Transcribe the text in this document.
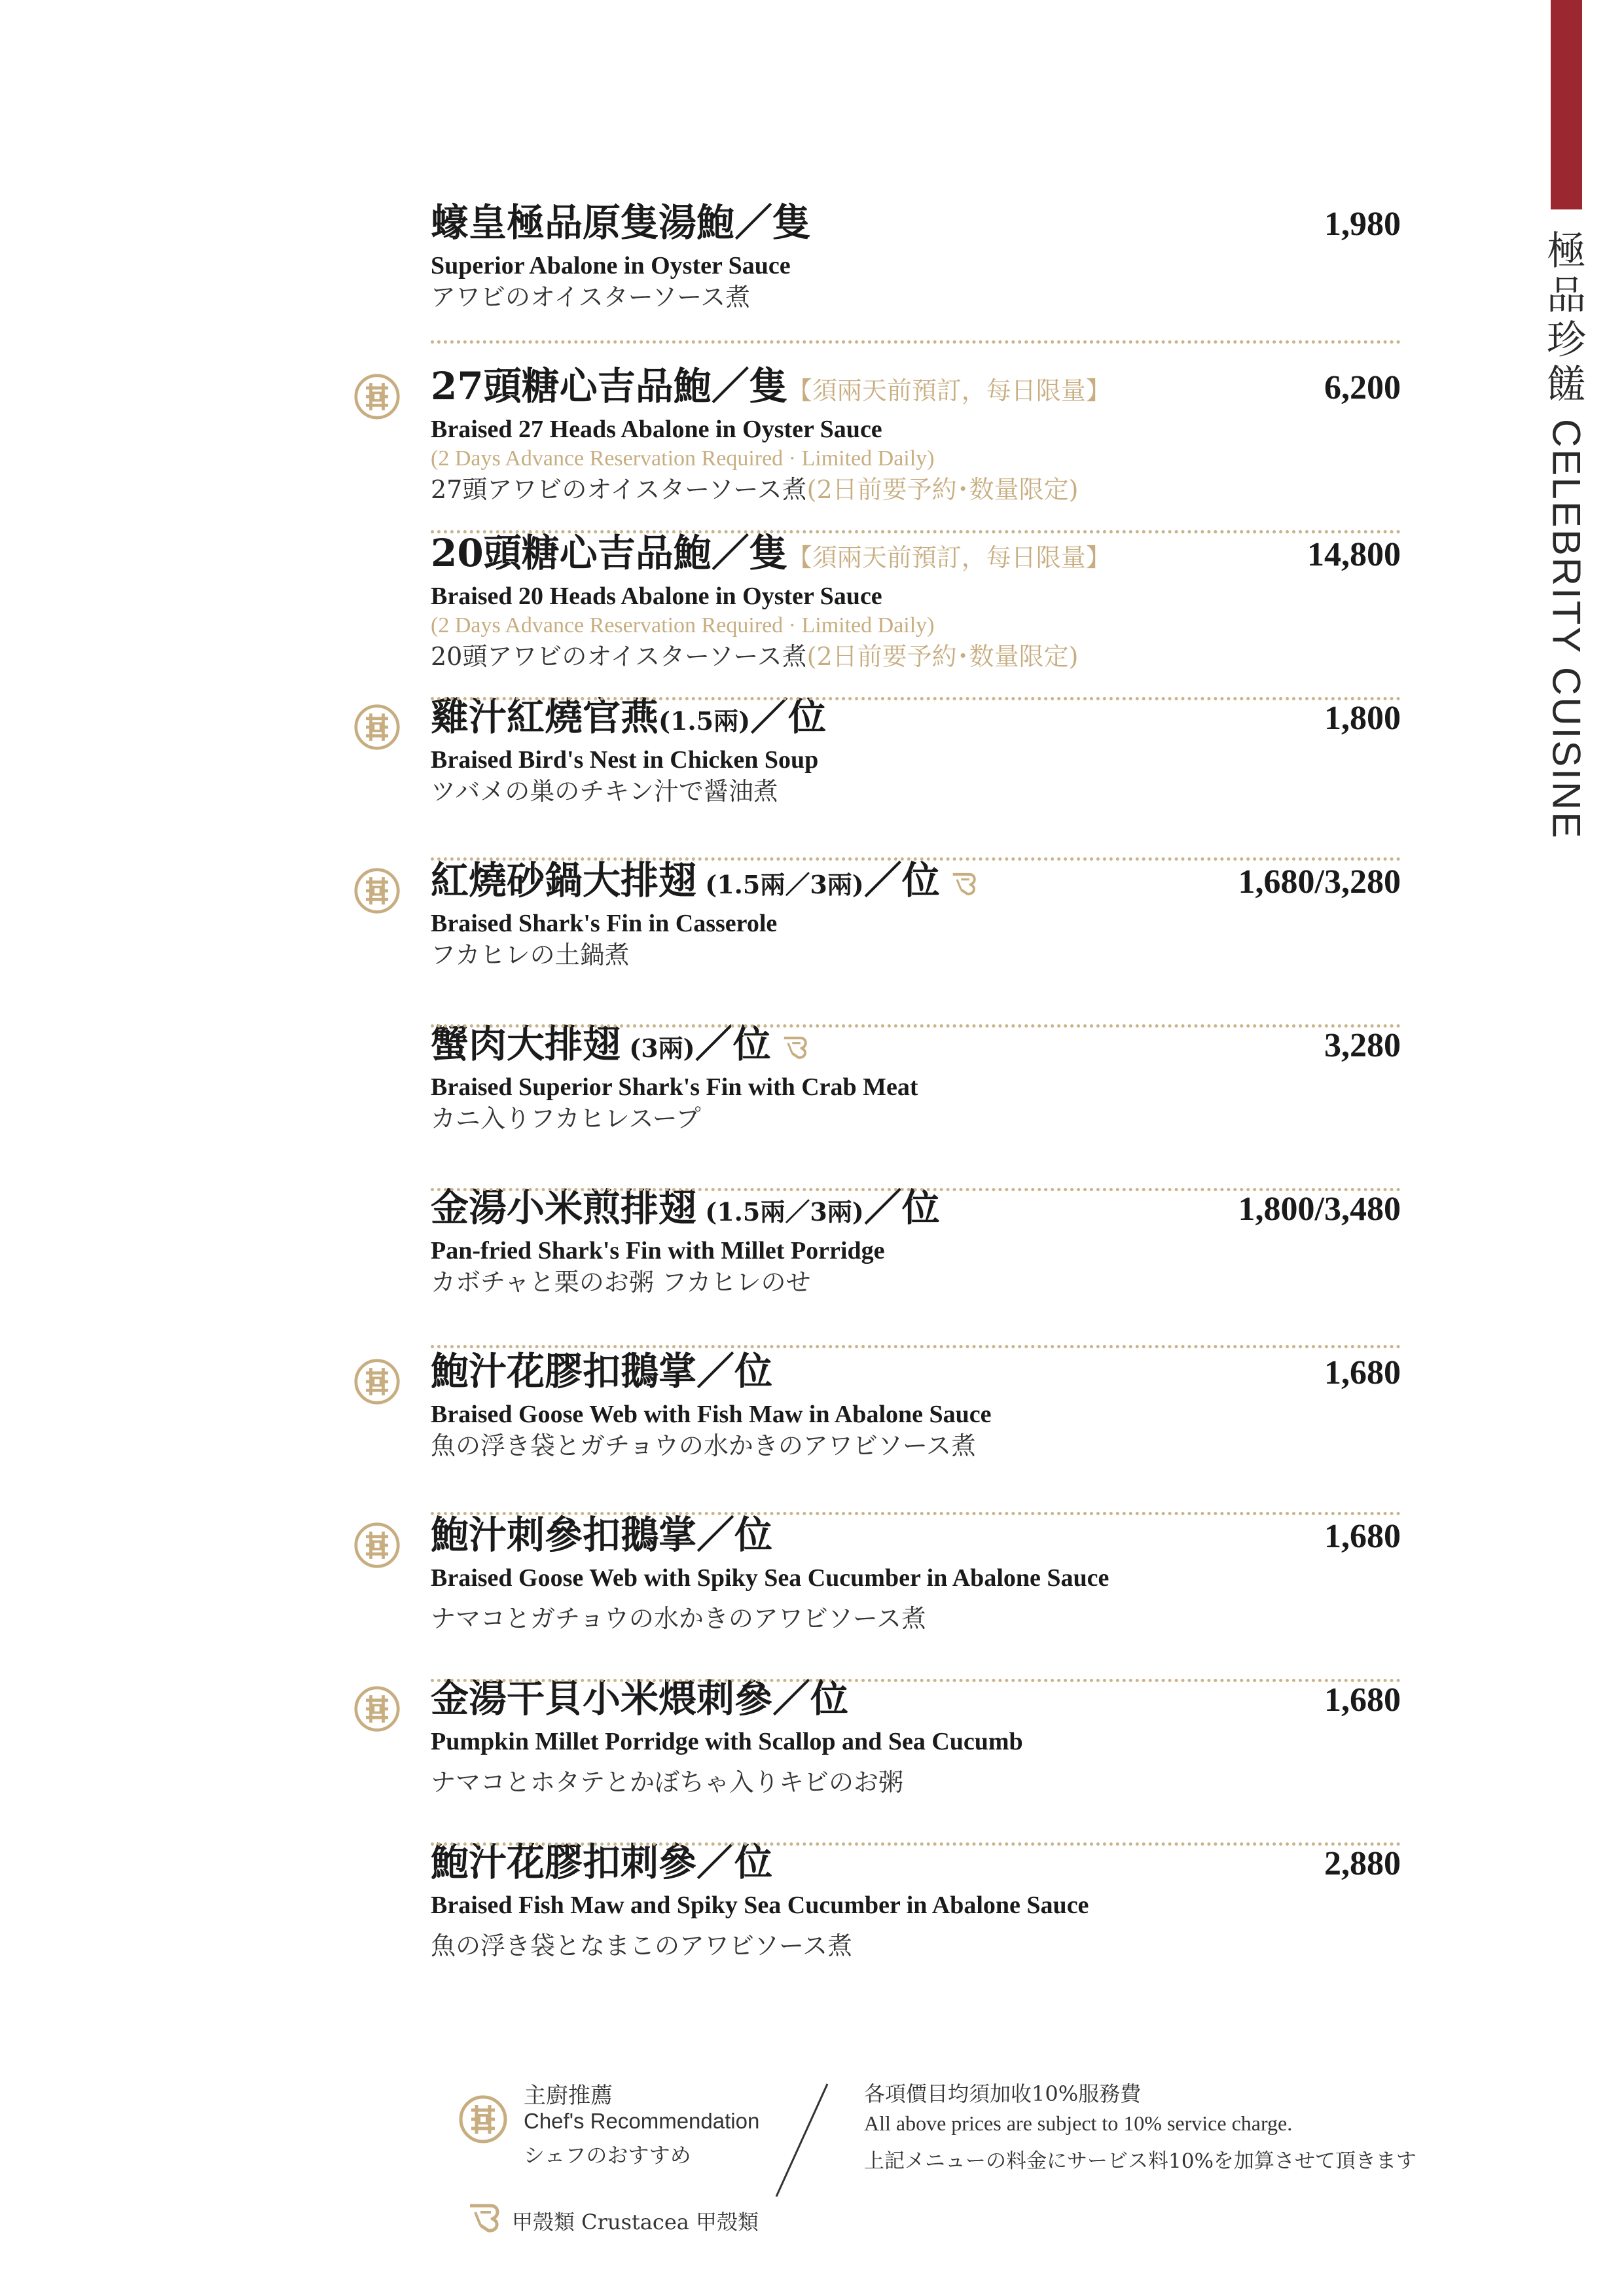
極
品
珍
饈
CELEBRITY CUISINE
蠔皇極品原隻湯鮑／隻	1,980
Superior Abalone in Oyster Sauce
アワビのオイスターソース煮
27頭糖心吉品鮑／隻【須兩天前預訂，每日限量】	6,200
Braised 27 Heads Abalone in Oyster Sauce
(2 Days Advance Reservation Required · Limited Daily)
27頭アワビのオイスターソース煮(2日前要予約･数量限定)
20頭糖心吉品鮑／隻【須兩天前預訂，每日限量】	14,800
Braised 20 Heads Abalone in Oyster Sauce
(2 Days Advance Reservation Required · Limited Daily)
20頭アワビのオイスターソース煮(2日前要予約･数量限定)
雞汁紅燒官燕(1.5兩)／位	1,800
Braised Bird's Nest in Chicken Soup
ツバメの巣のチキン汁で醤油煮
紅燒砂鍋大排翅 (1.5兩／3兩)／位	1,680/3,280
Braised Shark's Fin in Casserole
フカヒレの土鍋煮
蟹肉大排翅 (3兩)／位	3,280
Braised Superior Shark's Fin with Crab Meat
カニ入りフカヒレスープ
金湯小米煎排翅 (1.5兩／3兩)／位	1,800/3,480
Pan-fried Shark's Fin with Millet Porridge
カボチャと栗のお粥 フカヒレのせ
鮑汁花膠扣鵝掌／位	1,680
Braised Goose Web with Fish Maw in Abalone Sauce
魚の浮き袋とガチョウの水かきのアワビソース煮
鮑汁刺參扣鵝掌／位	1,680
Braised Goose Web with Spiky Sea Cucumber in Abalone Sauce
ナマコとガチョウの水かきのアワビソース煮
金湯干貝小米煨刺參／位	1,680
Pumpkin Millet Porridge with Scallop and Sea Cucumb
ナマコとホタテとかぼちゃ入りキビのお粥
鮑汁花膠扣刺參／位	2,880
Braised Fish Maw and Spiky Sea Cucumber in Abalone Sauce
魚の浮き袋となまこのアワビソース煮
主廚推薦
Chef's Recommendation
シェフのおすすめ
甲殼類 Crustacea 甲殻類
各項價目均須加收10%服務費
All above prices are subject to 10% service charge.
上記メニューの料金にサービス料10%を加算させて頂きます
